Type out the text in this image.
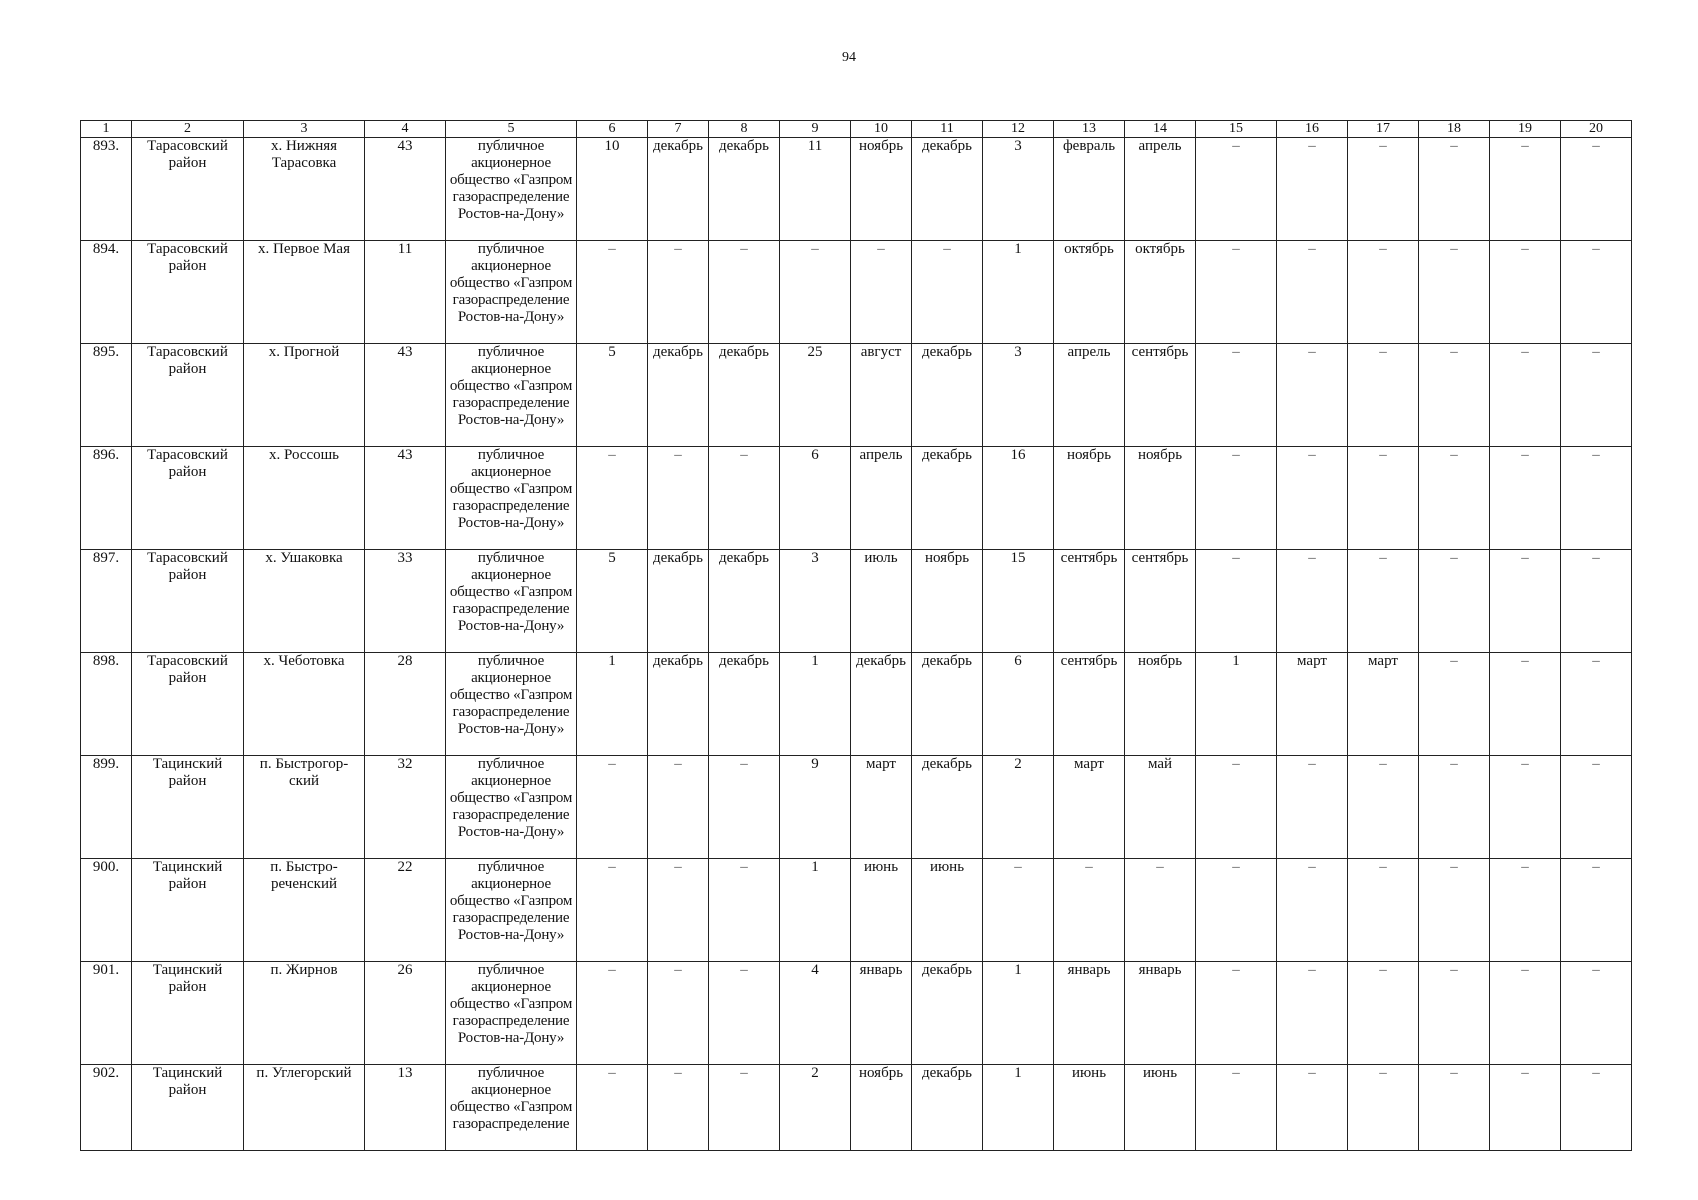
94
1	2	3	4	5	6	7	8	9	10	11	12	13	14	15	16	17	18	19	20
893.	Тарасовский район	х. Нижняя Тарасовка	43	публичное акционерное общество «Газпром газораспределение Ростов-на-Дону»	10	декабрь	декабрь	11	ноябрь	декабрь	3	февраль	апрель	–	–	–	–	–	–
894.	Тарасовский район	х. Первое Мая	11	публичное акционерное общество «Газпром газораспределение Ростов-на-Дону»	–	–	–	–	–	–	1	октябрь	октябрь	–	–	–	–	–	–
895.	Тарасовский район	х. Прогной	43	публичное акционерное общество «Газпром газораспределение Ростов-на-Дону»	5	декабрь	декабрь	25	август	декабрь	3	апрель	сентябрь	–	–	–	–	–	–
896.	Тарасовский район	х. Россошь	43	публичное акционерное общество «Газпром газораспределение Ростов-на-Дону»	–	–	–	6	апрель	декабрь	16	ноябрь	ноябрь	–	–	–	–	–	–
897.	Тарасовский район	х. Ушаковка	33	публичное акционерное общество «Газпром газораспределение Ростов-на-Дону»	5	декабрь	декабрь	3	июль	ноябрь	15	сентябрь	сентябрь	–	–	–	–	–	–
898.	Тарасовский район	х. Чеботовка	28	публичное акционерное общество «Газпром газораспределение Ростов-на-Дону»	1	декабрь	декабрь	1	декабрь	декабрь	6	сентябрь	ноябрь	1	март	март	–	–	–
899.	Тацинский район	п. Быстрогор-ский	32	публичное акционерное общество «Газпром газораспределение Ростов-на-Дону»	–	–	–	9	март	декабрь	2	март	май	–	–	–	–	–	–
900.	Тацинский район	п. Быстро-реченский	22	публичное акционерное общество «Газпром газораспределение Ростов-на-Дону»	–	–	–	1	июнь	июнь	–	–	–	–	–	–	–	–	–
901.	Тацинский район	п. Жирнов	26	публичное акционерное общество «Газпром газораспределение Ростов-на-Дону»	–	–	–	4	январь	декабрь	1	январь	январь	–	–	–	–	–	–
902.	Тацинский район	п. Углегорский	13	публичное акционерное общество «Газпром газораспределение	–	–	–	2	ноябрь	декабрь	1	июнь	июнь	–	–	–	–	–	–
